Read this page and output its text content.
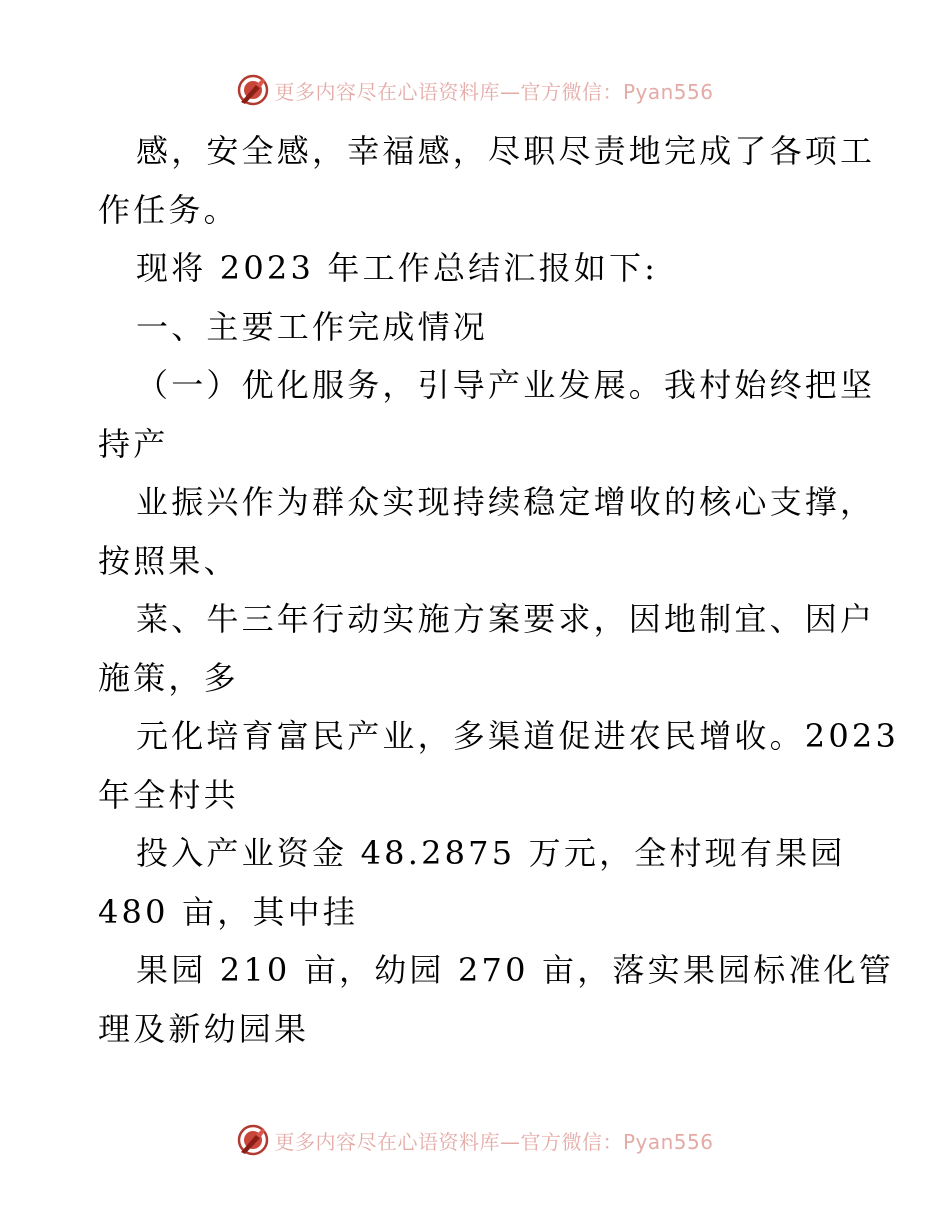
更多内容尽在心语资料库—官方微信：Pyan556
感，安全感，幸福感，尽职尽责地完成了各项工
作任务。
现将 2023 年工作总结汇报如下:
一、主要工作完成情况
（一）优化服务，引导产业发展。我村始终把坚
持产
业振兴作为群众实现持续稳定增收的核心支撑，
按照果、
菜、牛三年行动实施方案要求，因地制宜、因户
施策，多
元化培育富民产业，多渠道促进农民增收。2023
年全村共
投入产业资金 48.2875 万元，全村现有果园
480 亩，其中挂
果园 210 亩，幼园 270 亩，落实果园标准化管
理及新幼园果
更多内容尽在心语资料库—官方微信：Pyan556
